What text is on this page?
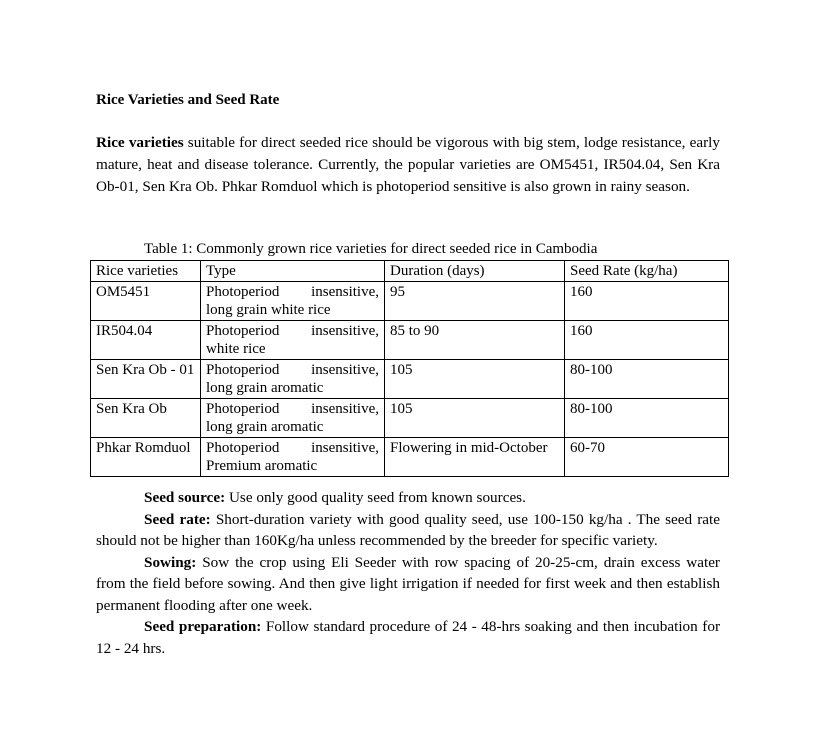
Rice Varieties and Seed Rate

Rice varieties suitable for direct seeded rice should be vigorous with big stem, lodge resistance, early mature, heat and disease tolerance. Currently, the popular varieties are OM5451, IR504.04, Sen Kra Ob-01, Sen Kra Ob. Phkar Romduol which is photoperiod sensitive is also grown in rainy season.

Table 1: Commonly grown rice varieties for direct seeded rice in Cambodia

Rice varieties	Type	Duration (days)	Seed Rate (kg/ha)
OM5451	Photoperiod insensitive, long grain white rice	95	160
IR504.04	Photoperiod insensitive, white rice	85 to 90	160
Sen Kra Ob - 01	Photoperiod insensitive, long grain aromatic	105	80-100
Sen Kra Ob	Photoperiod insensitive, long grain aromatic	105	80-100
Phkar Romduol	Photoperiod insensitive, Premium aromatic	Flowering in mid-October	60-70

Seed source: Use only good quality seed from known sources.

Seed rate: Short-duration variety with good quality seed, use 100-150 kg/ha . The seed rate should not be higher than 160Kg/ha unless recommended by the breeder for specific variety.

Sowing: Sow the crop using Eli Seeder with row spacing of 20-25-cm, drain excess water from the field before sowing. And then give light irrigation if needed for first week and then establish permanent flooding after one week.

Seed preparation: Follow standard procedure of 24 - 48-hrs soaking and then incubation for 12 - 24 hrs.
